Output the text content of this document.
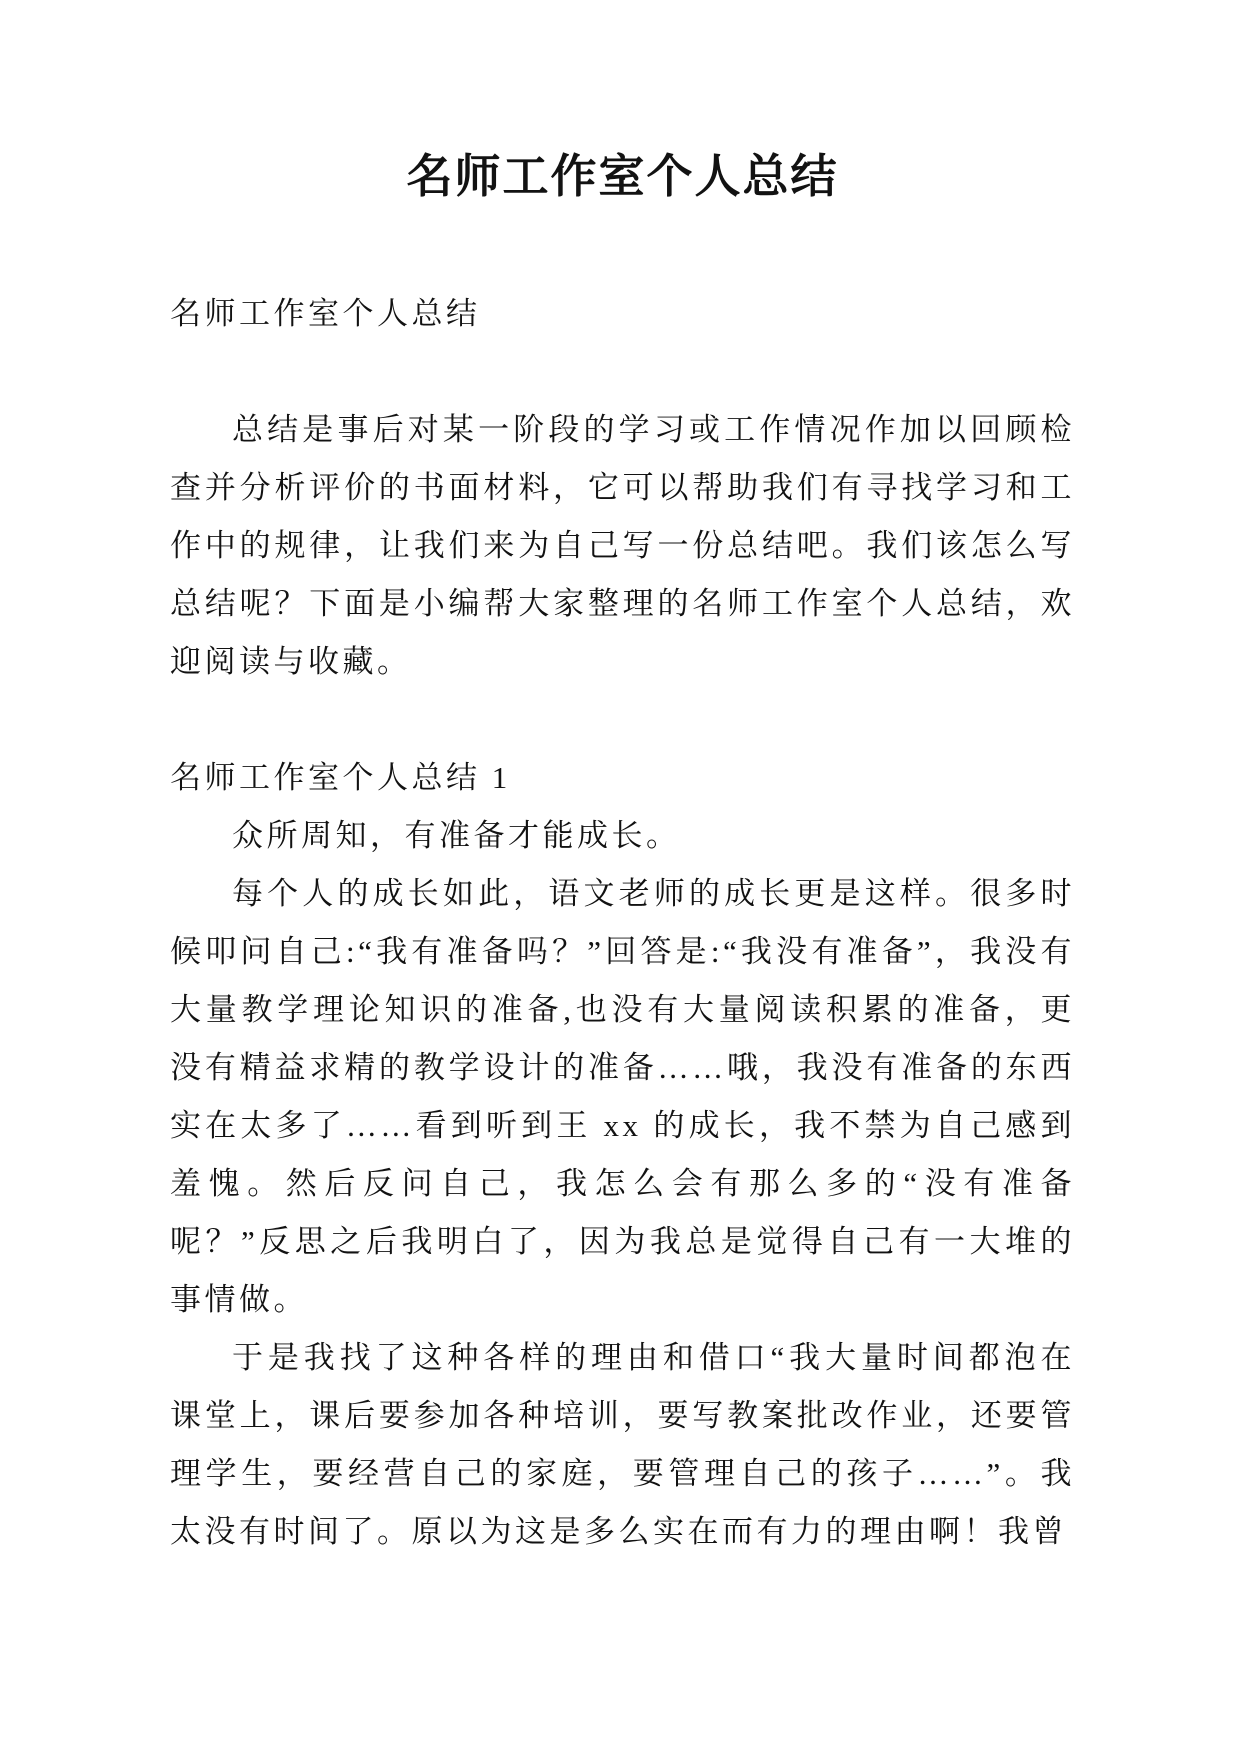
名师工作室个人总结

名师工作室个人总结

总结是事后对某一阶段的学习或工作情况作加以回顾检查并分析评价的书面材料，它可以帮助我们有寻找学习和工作中的规律，让我们来为自己写一份总结吧。我们该怎么写总结呢？下面是小编帮大家整理的名师工作室个人总结，欢迎阅读与收藏。

名师工作室个人总结 1

众所周知，有准备才能成长。

每个人的成长如此，语文老师的成长更是这样。很多时候叩问自己:“我有准备吗？”回答是:“我没有准备”，我没有大量教学理论知识的准备,也没有大量阅读积累的准备，更没有精益求精的教学设计的准备……哦，我没有准备的东西实在太多了……看到听到王 xx 的成长，我不禁为自己感到羞愧。然后反问自己，我怎么会有那么多的“没有准备呢？”反思之后我明白了，因为我总是觉得自己有一大堆的事情做。

于是我找了这种各样的理由和借口“我大量时间都泡在课堂上，课后要参加各种培训，要写教案批改作业，还要管理学生，要经营自己的家庭，要管理自己的孩子……”。我太没有时间了。原以为这是多么实在而有力的理由啊！我曾
